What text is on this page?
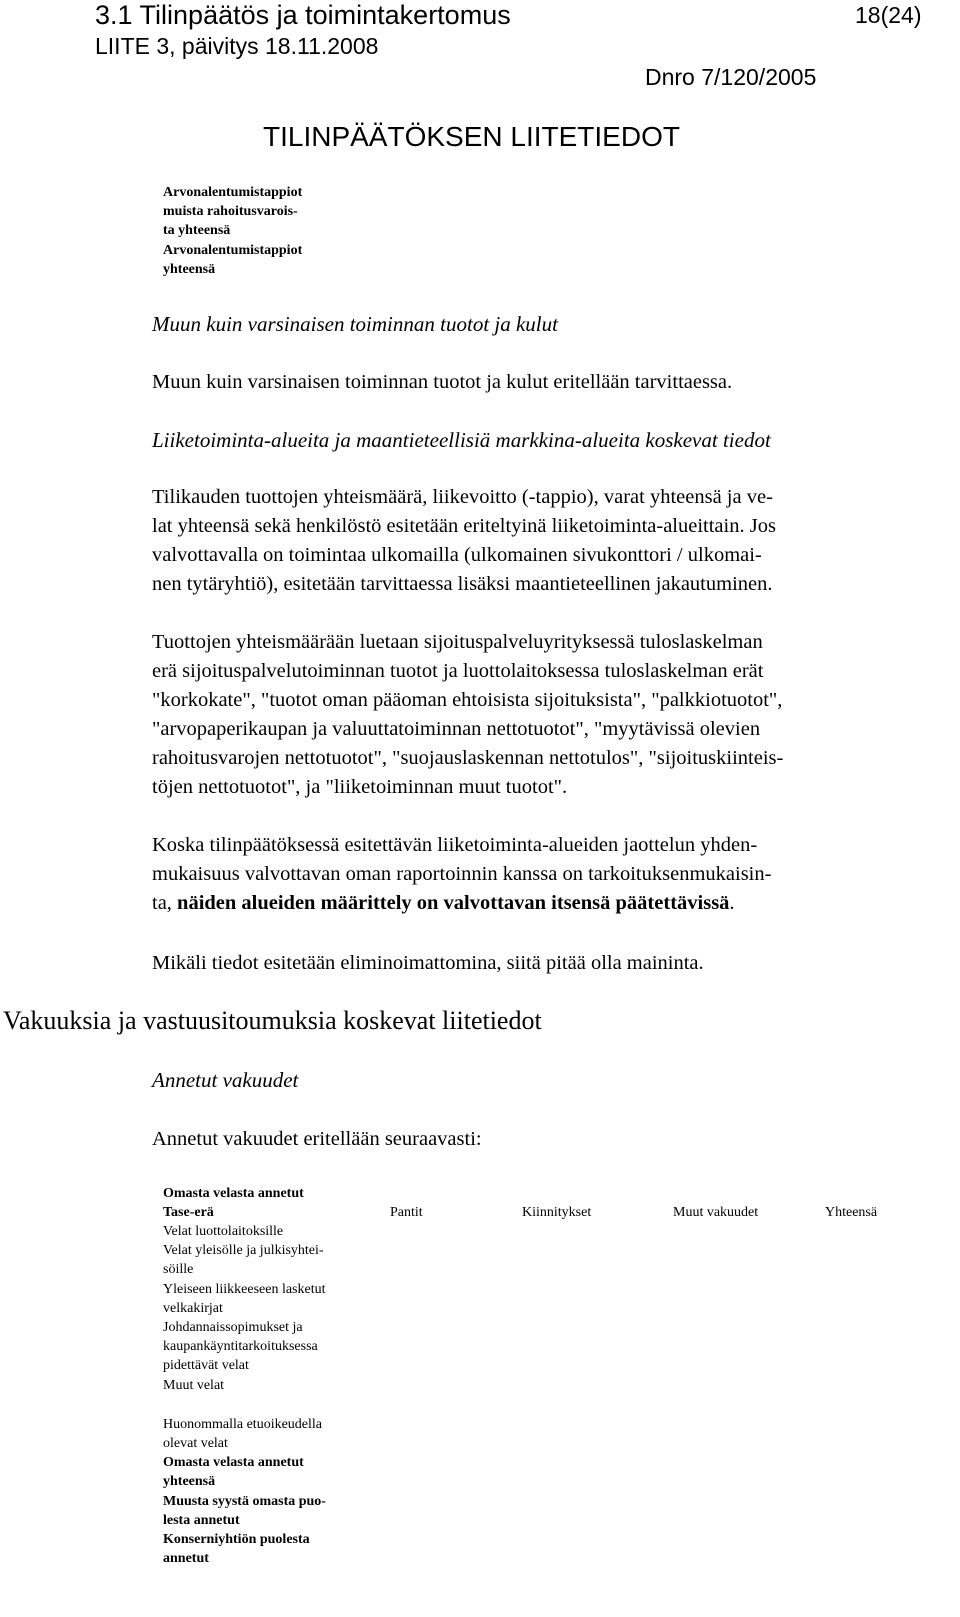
3.1 Tilinpäätös ja toimintakertomus
LIITE 3, päivitys 18.11.2008
18(24)
Dnro 7/120/2005
TILINPÄÄTÖKSEN LIITETIEDOT
Arvonalentumistappiot
muista rahoitusvarois-
ta yhteensä
Arvonalentumistappiot
yhteensä
Muun kuin varsinaisen toiminnan tuotot ja kulut
Muun kuin varsinaisen toiminnan tuotot ja kulut eritellään tarvittaessa.
Liiketoiminta-alueita ja maantieteellisiä markkina-alueita koskevat tiedot

Tilikauden tuottojen yhteismäärä, liikevoitto (-tappio), varat yhteensä ja ve-

lat yhteensä sekä henkilöstö esitetään eriteltyinä liiketoiminta-alueittain. Jos

valvottavalla on toimintaa ulkomailla (ulkomainen sivukonttori / ulkomai-

nen tytäryhtiö), esitetään tarvittaessa lisäksi maantieteellinen jakautuminen.

Tuottojen yhteismäärään luetaan sijoituspalveluyrityksessä tuloslaskelman

erä sijoituspalvelutoiminnan tuotot ja luottolaitoksessa tuloslaskelman erät

"korkokate", "tuotot oman pääoman ehtoisista sijoituksista", "palkkiotuotot",

"arvopaperikaupan ja valuuttatoiminnan nettotuotot", "myytävissä olevien

rahoitusvarojen nettotuotot", "suojauslaskennan nettotulos", "sijoituskiinteis-

töjen nettotuotot", ja "liiketoiminnan muut tuotot".

Koska tilinpäätöksessä esitettävän liiketoiminta-alueiden jaottelun yhden-

mukaisuus valvottavan oman raportoinnin kanssa on tarkoituksenmukaisin-

ta, näiden alueiden määrittely on valvottavan itsensä päätettävissä.

Mikäli tiedot esitetään eliminoimattomina, siitä pitää olla maininta.
Vakuuksia ja vastuusitoumuksia koskevat liitetiedot
Annetut vakuudet
Annetut vakuudet eritellään seuraavasti:
Omasta velasta annetut
Tase-erä	Pantit	Kiinnitykset	Muut vakuudet	Yhteensä
Velat luottolaitoksille
Velat yleisölle ja julkisyhtei-
söille
Yleiseen liikkeeseen lasketut
velkakirjat
Johdannaissopimukset ja
kaupankäyntitarkoituksessa
pidettävät velat
Muut velat
Huonommalla etuoikeudella
olevat velat
Omasta velasta annetut
yhteensä
Muusta syystä omasta puo-
lesta annetut
Konserniyhtiön puolesta
annetut
